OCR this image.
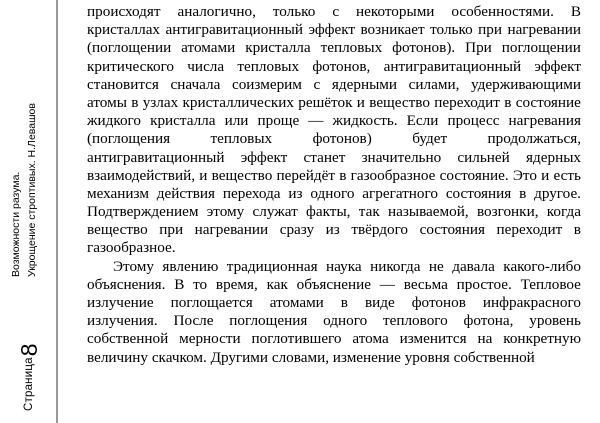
Страница
8
Возможности разума. Укрощение строптивых. Н.Левашов
происходят аналогично, только с некоторыми особенностями. В
кристаллах антигравитационный эффект возникает только при нагревании
(поглощении атомами кристалла тепловых фотонов). При поглощении
критического числа тепловых фотонов, антигравитационный эффект
становится сначала соизмерим с ядерными силами, удерживающими
атомы в узлах кристаллических решёток и вещество переходит в состояние
жидкого кристалла или проще — жидкость. Если процесс нагревания
(поглощения	тепловых	фотонов)	будет	продолжаться,
антигравитационный эффект станет значительно сильней ядерных
взаимодействий, и вещество перейдёт в газообразное состояние. Это и есть
механизм действия перехода из одного агрегатного состояния в другое.
Подтверждением этому служат факты, так называемой, возгонки, когда
вещество при нагревании сразу из твёрдого состояния переходит в
газообразное.
Этому явлению традиционная наука никогда не давала какого-либо
объяснения. В то время, как объяснение — весьма простое. Тепловое
излучение поглощается атомами в виде фотонов инфракрасного
излучения. После поглощения одного теплового фотона, уровень
собственной мерности поглотившего атома изменится на конкретную
величину скачком. Другими словами, изменение уровня собственной
